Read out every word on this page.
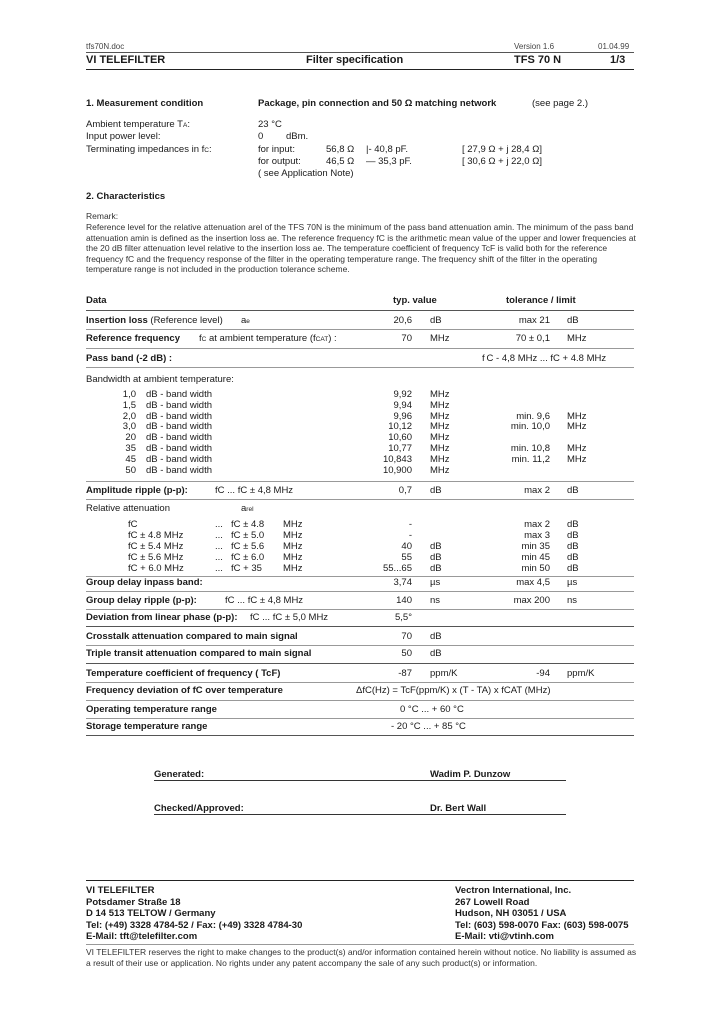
tfs70N.doc	Version 1.6	01.04.99
VI TELEFILTER	Filter specification	TFS 70 N	1/3
1. Measurement condition	Package, pin connection and 50 Ω matching network	(see page 2.)
Ambient temperature TA:	23 °C
Input power level:	0 dBm.
Terminating impedances in fC:	for input:	56,8 Ω |- 40,8 pF.	[ 27,9 Ω + j 28,4 Ω]
for output:	46,5 Ω — 35,3 pF.	[ 30,6 Ω + j 22,0 Ω]
( see Application Note)
2. Characteristics
Remark:
Reference level for the relative attenuation arel of the TFS 70N is the minimum of the pass band attenuation amin. The minimum of the pass band attenuation amin is defined as the insertion loss ae. The reference frequency fC is the arithmetic mean value of the upper and lower frequencies at the 20 dB filter attenuation level relative to the insertion loss ae. The temperature coefficient of frequency TcF is valid both for the reference frequency fC and the frequency response of the filter in the operating temperature range. The frequency shift of the filter in the operating temperature range is not included in the production tolerance scheme.
Data	typ. value	tolerance / limit
Insertion loss (Reference level) ae	20,6 dB	max 21 dB
Reference frequency fC at ambient temperature (fCAT) :	70 MHz	70 ± 0,1 MHz
Pass band (-2 dB) :	f C - 4,8 MHz ... fC + 4.8 MHz
Bandwidth at ambient temperature:
1,0 dB - band width	9,92 MHz
1,5 dB - band width	9,94 MHz
2,0 dB - band width	9,96 MHz	min. 9,6 MHz
3,0 dB - band width	10,12 MHz	min. 10,0 MHz
20 dB - band width	10,60 MHz
35 dB - band width	10,77 MHz	min. 10,8 MHz
45 dB - band width	10,843 MHz	min. 11,2 MHz
50 dB - band width	10,900 MHz
Amplitude ripple (p-p):	fC ... fC ± 4,8 MHz	0,7 dB	max 2 dB
Relative attenuation	arel
fC	... fC ± 4.8 MHz	-	max 2 dB
fC ± 4.8 MHz	... fC ± 5.0 MHz	-	max 3 dB
fC ± 5.4 MHz	... fC ± 5.6 MHz	40 dB	min 35 dB
fC ± 5.6 MHz	... fC ± 6.0 MHz	55 dB	min 45 dB
fC + 6.0 MHz	... fC + 35 MHz	55...65 dB	min 50 dB
Group delay inpass band:	3,74 µs	max 4,5 µs
Group delay ripple (p-p):	fC ... fC ± 4,8 MHz	140 ns	max 200 ns
Deviation from linear phase (p-p): fC ... fC ± 5,0 MHz	5,5°
Crosstalk attenuation compared to main signal	70 dB
Triple transit attenuation compared to main signal	50 dB
Temperature coefficient of frequency ( TcF)	-87 ppm/K	-94 ppm/K
Frequency deviation of fC over temperature	ΔfC(Hz) = TcF(ppm/K) x (T - TA) x fCAT (MHz)
Operating temperature range	0 °C ... + 60 °C
Storage temperature range	- 20 °C ... + 85 °C
Generated:	Wadim P. Dunzow
Checked/Approved:	Dr. Bert Wall
VI TELEFILTER
Potsdamer Straße 18
D 14 513 TELTOW / Germany
Tel: (+49) 3328 4784-52 / Fax: (+49) 3328 4784-30
E-Mail: tft@telefilter.com
Vectron International, Inc.
267 Lowell Road
Hudson, NH 03051 / USA
Tel: (603) 598-0070 Fax: (603) 598-0075
E-Mail: vti@vtinh.com
VI TELEFILTER reserves the right to make changes to the product(s) and/or information contained herein without notice. No liability is assumed as a result of their use or application. No rights under any patent accompany the sale of any such product(s) or information.
